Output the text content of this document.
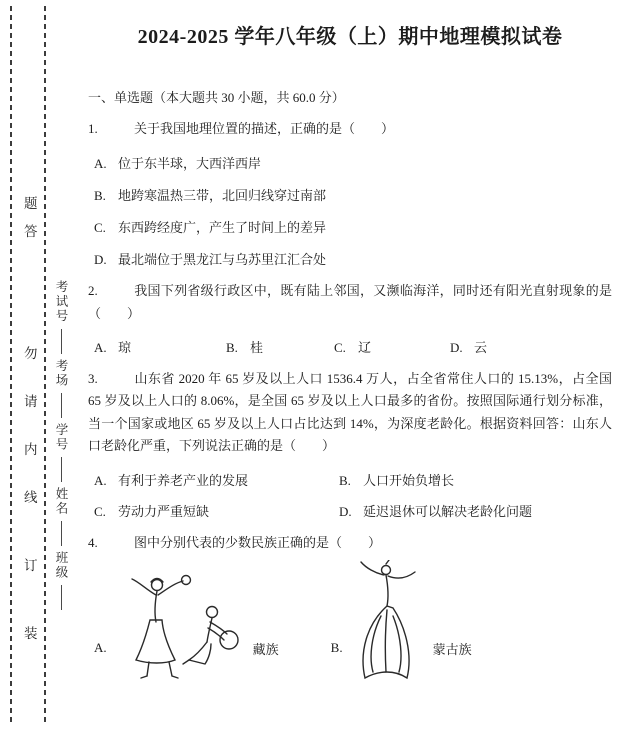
题
答
勿
请
内
线
订
装
考试号
考场
学号
姓名
班级
2024-2025 学年八年级（上）期中地理模拟试卷
一、单选题（本大题共 30 小题，共 60.0 分）

1.	关于我国地理位置的描述，正确的是（　　）

A. 位于东半球，大西洋西岸
B. 地跨寒温热三带，北回归线穿过南部
C. 东西跨经度广，产生了时间上的差异
D. 最北端位于黑龙江与乌苏里江汇合处

2.	我国下列省级行政区中，既有陆上邻国，又濒临海洋，同时还有阳光直射现象的是（　　）

A. 琼	B. 桂	C. 辽	D. 云

3.	山东省 2020 年 65 岁及以上人口 1536.4 万人，占全省常住人口的 15.13%，占全国 65 岁及以上人口的 8.06%，是全国 65 岁及以上人口最多的省份。按照国际通行划分标准，当一个国家或地区 65 岁及以上人口占比达到 14%，为深度老龄化。根据资料回答：山东人口老龄化严重，下列说法正确的是（　　）

A. 有利于养老产业的发展	B. 人口开始负增长
C. 劳动力严重短缺	D. 延迟退休可以解决老龄化问题

4.	图中分别代表的少数民族正确的是（　　）

A.	藏族	B.	蒙古族
